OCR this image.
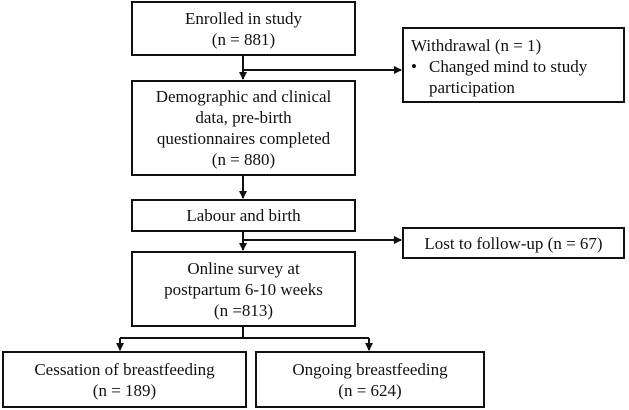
Enrolled in study
(n = 881)	Withdrawal (n = 1)
• Changed mind to study
participation
Demographic and clinical
data, pre-birth
questionnaires completed
(n = 880)
Labour and birth
Lost to follow-up (n = 67)
Online survey at
postpartum 6-10 weeks
(n =813)
Cessation of breastfeeding
(n = 189)
Ongoing breastfeeding
(n = 624)
